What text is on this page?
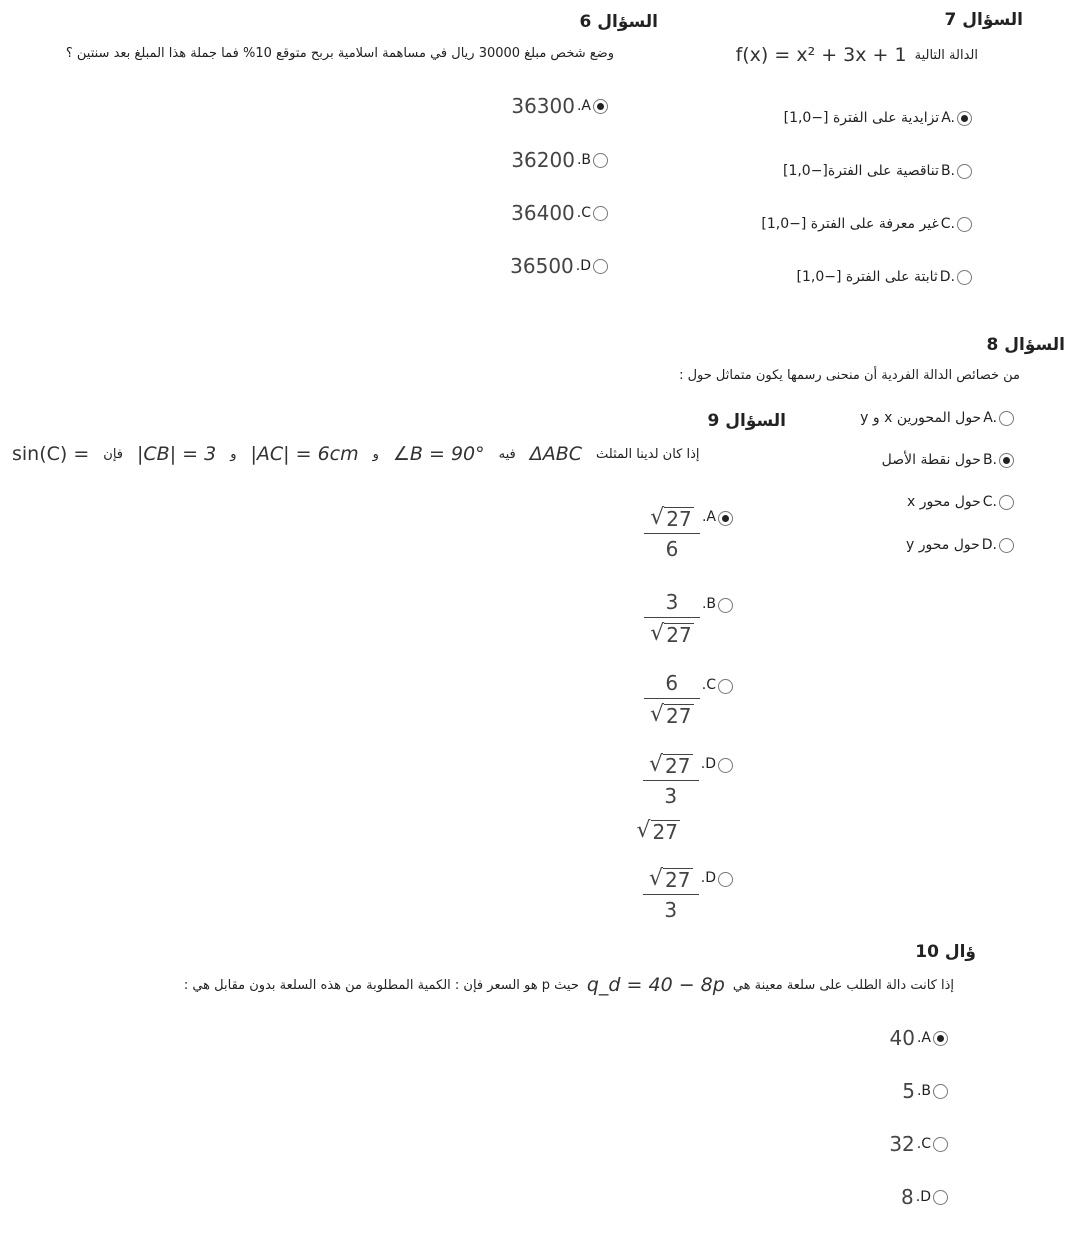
السؤال 7
f(x) = x² + 3x + 1 الدالة التالية
تزايدية على الفترة [−1,0] A.
تناقصية على الفترة[−1,0] B.
غير معرفة على الفترة [−1,0] C.
ثابتة على الفترة [−1,0] D.
السؤال 6
وضع شخص مبلغ 30000 ريال في مساهمة اسلامية بربح متوقع 10% فما جملة هذا المبلغ بعد سنتين ؟
36300 .A
36200 .B
36400 .C
36500 .D
السؤال 8
من خصائص الدالة الفردية أن منحنى رسمها يكون متماثل حول :
حول المحورين x و y A.
حول نقطة الأصل B.
حول محور x C.
حول محور y D.
السؤال 9
sin(C) = فإن |CB| = 3 و |AC| = 6cm و ∠B = 90° فيه ΔABC إذا كان لدينا المثلث
$\frac{√ 27}{6} .A$
$\frac{3}{√ 27} .B$
$\frac{6}{√ 27} .C$
$\frac{√ 27}{3} .D$
√ 27
$\frac{√ 27}{3} .D$
ؤال 10
حيث p هو السعر فإن : الكمية المطلوبة من هذه السلعة بدون مقابل هي : q_d = 40 − 8p إذا كانت دالة الطلب على سلعة معينة هي
40 .A
5 .B
32 .C
8 .D
